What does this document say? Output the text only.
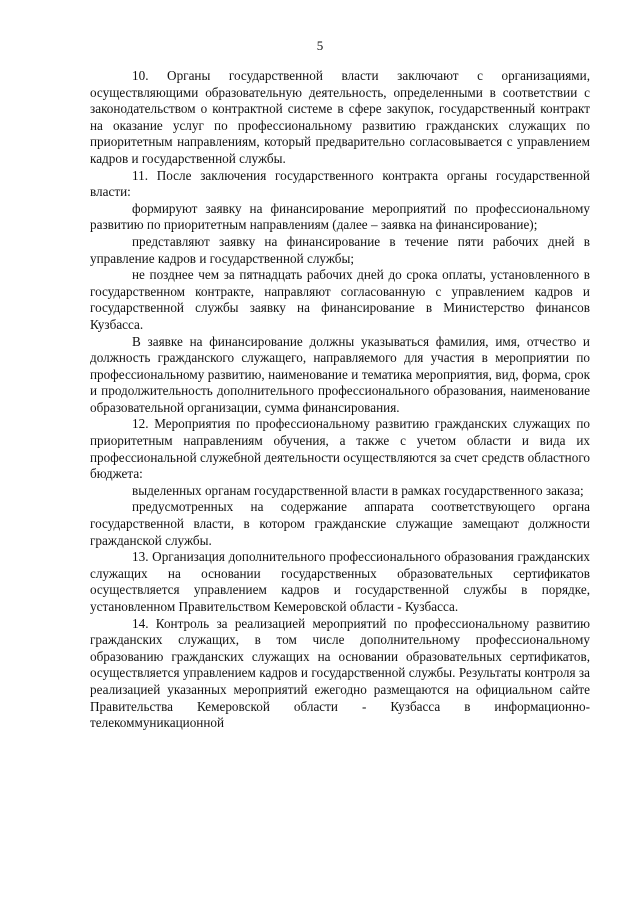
5

10. Органы государственной власти заключают с организациями, осуществляющими образовательную деятельность, определенными в соответствии с законодательством о контрактной системе в сфере закупок, государственный контракт на оказание услуг по профессиональному развитию гражданских служащих по приоритетным направлениям, который предварительно согласовывается с управлением кадров и государственной службы.

11. После заключения государственного контракта органы государственной власти:

формируют заявку на финансирование мероприятий по профессиональному развитию по приоритетным направлениям (далее – заявка на финансирование);

представляют заявку на финансирование в течение пяти рабочих дней в управление кадров и государственной службы;

не позднее чем за пятнадцать рабочих дней до срока оплаты, установленного в государственном контракте, направляют согласованную с управлением кадров и государственной службы заявку на финансирование в Министерство финансов Кузбасса.

В заявке на финансирование должны указываться фамилия, имя, отчество и должность гражданского служащего, направляемого для участия в мероприятии по профессиональному развитию, наименование и тематика мероприятия, вид, форма, срок и продолжительность дополнительного профессионального образования, наименование образовательной организации, сумма финансирования.

12. Мероприятия по профессиональному развитию гражданских служащих по приоритетным направлениям обучения, а также с учетом области и вида их профессиональной служебной деятельности осуществляются за счет средств областного бюджета:

выделенных органам государственной власти в рамках государственного заказа;

предусмотренных на содержание аппарата соответствующего органа государственной власти, в котором гражданские служащие замещают должности гражданской службы.

13. Организация дополнительного профессионального образования гражданских служащих на основании государственных образовательных сертификатов осуществляется управлением кадров и государственной службы в порядке, установленном Правительством Кемеровской области - Кузбасса.

14. Контроль за реализацией мероприятий по профессиональному развитию гражданских служащих, в том числе дополнительному профессиональному образованию гражданских служащих на основании образовательных сертификатов, осуществляется управлением кадров и государственной службы. Результаты контроля за реализацией указанных мероприятий ежегодно размещаются на официальном сайте Правительства Кемеровской области - Кузбасса в информационно-телекоммуникационной
